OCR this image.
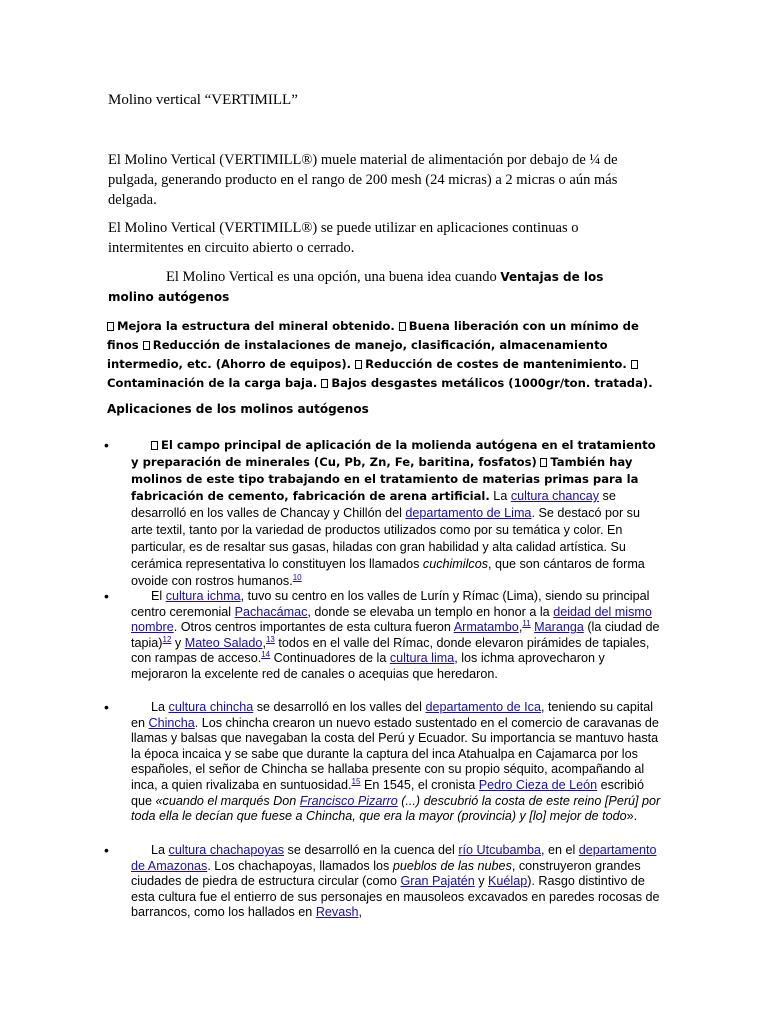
Molino vertical “VERTIMILL”
El Molino Vertical (VERTIMILL®) muele material de alimentación por debajo de ¼ de pulgada, generando producto en el rango de 200 mesh (24 micras) a 2 micras o aún más delgada.
El Molino Vertical (VERTIMILL®) se puede utilizar en aplicaciones continuas o intermitentes en circuito abierto o cerrado.
El Molino Vertical es una opción, una buena idea cuando Ventajas de los molino autógenos
Mejora la estructura del mineral obtenido. Buena liberación con un mínimo de finos Reducción de instalaciones de manejo, clasificación, almacenamiento intermedio, etc. (Ahorro de equipos). Reducción de costes de mantenimiento. Contaminación de la carga baja. Bajos desgastes metálicos (1000gr/ton. tratada).
Aplicaciones de los molinos autógenos
•	El campo principal de aplicación de la molienda autógena en el tratamiento y preparación de minerales (Cu, Pb, Zn, Fe, baritina, fosfatos) También hay molinos de este tipo trabajando en el tratamiento de materias primas para la fabricación de cemento, fabricación de arena artificial. La cultura chancay se desarrolló en los valles de Chancay y Chillón del departamento de Lima. Se destacó por su arte textil, tanto por la variedad de productos utilizados como por su temática y color. En particular, es de resaltar sus gasas, hiladas con gran habilidad y alta calidad artística. Su cerámica representativa lo constituyen los llamados cuchimilcos, que son cántaros de forma ovoide con rostros humanos.$^{10}$
•	El cultura ichma, tuvo su centro en los valles de Lurín y Rímac (Lima), siendo su principal centro ceremonial Pachacámac, donde se elevaba un templo en honor a la deidad del mismo nombre. Otros centros importantes de esta cultura fueron Armatambo,$^{11}$ Maranga (la ciudad de tapia)$^{12}$ y Mateo Salado,$^{13}$ todos en el valle del Rímac, donde elevaron pirámides de tapiales, con rampas de acceso.$^{14}$ Continuadores de la cultura lima, los ichma aprovecharon y mejoraron la excelente red de canales o acequias que heredaron.
•	La cultura chincha se desarrolló en los valles del departamento de Ica, teniendo su capital en Chincha. Los chincha crearon un nuevo estado sustentado en el comercio de caravanas de llamas y balsas que navegaban la costa del Perú y Ecuador. Su importancia se mantuvo hasta la época incaica y se sabe que durante la captura del inca Atahualpa en Cajamarca por los españoles, el señor de Chincha se hallaba presente con su propio séquito, acompañando al inca, a quien rivalizaba en suntuosidad.$^{15}$ En 1545, el cronista Pedro Cieza de León escribió que «cuando el marqués Don Francisco Pizarro (...) descubrió la costa de este reino [Perú] por toda ella le decían que fuese a Chincha, que era la mayor (provincia) y [lo] mejor de todo».
•	La cultura chachapoyas se desarrolló en la cuenca del río Utcubamba, en el departamento de Amazonas. Los chachapoyas, llamados los pueblos de las nubes, construyeron grandes ciudades de piedra de estructura circular (como Gran Pajatén y Kuélap). Rasgo distintivo de esta cultura fue el entierro de sus personajes en mausoleos excavados en paredes rocosas de barrancos, como los hallados en Revash,
